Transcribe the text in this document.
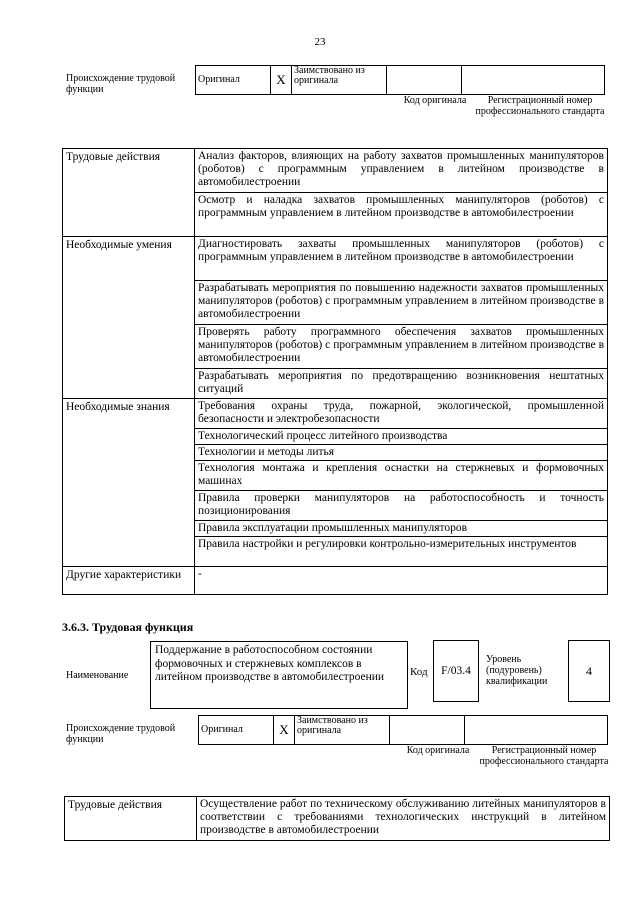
23
Происхождение трудовой функции
Оригинал	X	Заимствовано из оригинала		
Код оригинала	Регистрационный номер профессионального стандарта
Трудовые действия	Анализ факторов, влияющих на работу захватов промышленных манипуляторов (роботов) с программным управлением в литейном производстве в автомобилестроении
	Осмотр и наладка захватов промышленных манипуляторов (роботов) с программным управлением в литейном производстве в автомобилестроении
Необходимые умения	Диагностировать захваты промышленных манипуляторов (роботов) с программным управлением в литейном производстве в автомобилестроении
	Разрабатывать мероприятия по повышению надежности захватов промышленных манипуляторов (роботов) с программным управлением в литейном производстве в автомобилестроении
	Проверять работу программного обеспечения захватов промышленных манипуляторов (роботов) с программным управлением в литейном производстве в автомобилестроении
	Разрабатывать мероприятия по предотвращению возникновения нештатных ситуаций
Необходимые знания	Требования охраны труда, пожарной, экологической, промышленной безопасности и электробезопасности
	Технологический процесс литейного производства
	Технологии и методы литья
	Технология монтажа и крепления оснастки на стержневых и формовочных машинах
	Правила проверки манипуляторов на работоспособность и точность позиционирования
	Правила эксплуатации промышленных манипуляторов
	Правила настройки и регулировки контрольно-измерительных инструментов
Другие характеристики	-
3.6.3. Трудовая функция
Наименование
Поддержание в работоспособном состоянии формовочных и стержневых комплексов в литейном производстве в автомобилестроении	Код	F/03.4
Уровень (подуровень) квалификации
4
Происхождение трудовой функции
Оригинал	X	Заимствовано из оригинала		
Код оригинала	Регистрационный номер профессионального стандарта
Трудовые действия	Осуществление работ по техническому обслуживанию литейных манипуляторов в соответствии с требованиями технологических инструкций в литейном производстве в автомобилестроении
